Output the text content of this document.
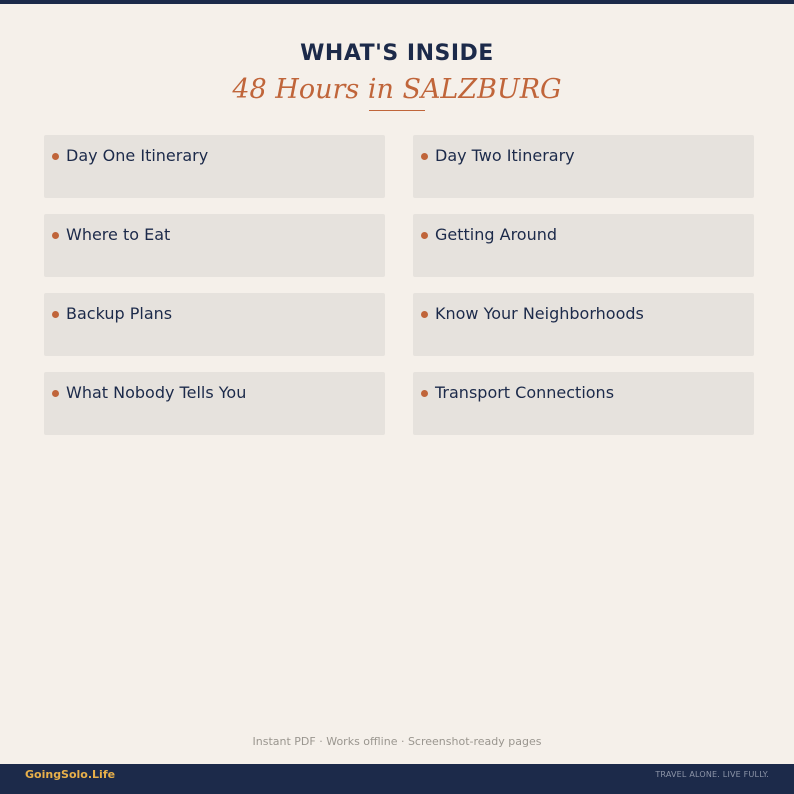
WHAT'S INSIDE
48 Hours in SALZBURG
Day One Itinerary	Day Two Itinerary
Where to Eat	Getting Around
Backup Plans	Know Your Neighborhoods
What Nobody Tells You	Transport Connections
Instant PDF · Works offline · Screenshot-ready pages
GoingSolo.Life	TRAVEL ALONE. LIVE FULLY.
